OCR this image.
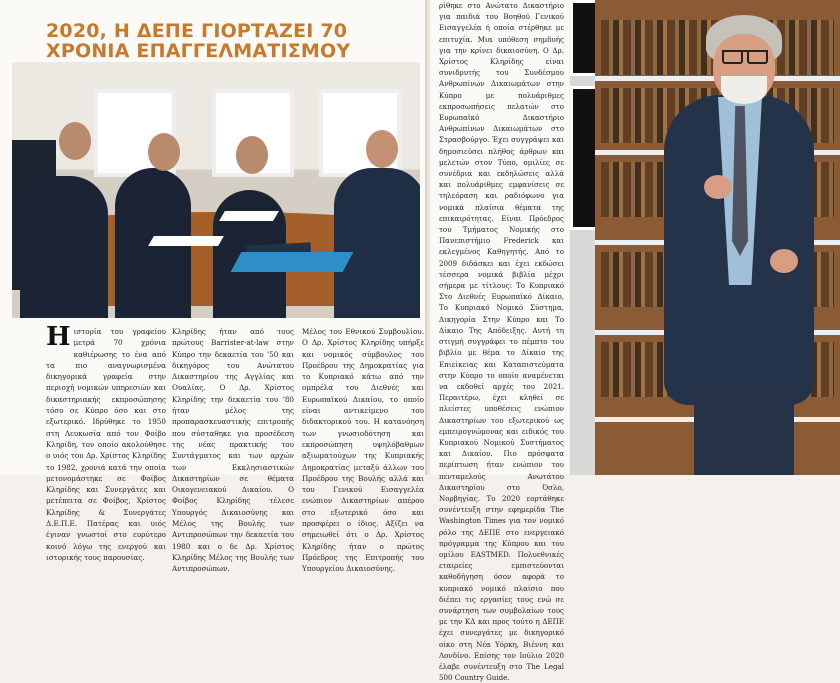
2020, Η ΔΕΠΕ ΓΙΟΡΤΑΖΕΙ 70 ΧΡΟΝΙΑ ΕΠΑΓΓΕΛΜΑΤΙΣΜΟΥ
Η ιστορία του γραφείου μετρά 70 χρόνια καθιέρωσης το ένα από τα πιο αναγνωρισμένα δικηγορικά γραφεία στην περιοχή νομικών υπηρεσιών και δικαστηριακής εκπροσώπησης τόσο σε Κύπρο όσο και στο εξωτερικό. Ιδρύθηκε το 1950 στη Λευκωσία από τον Φοίβο Κληρίδη, τον οποίο ακολούθησε ο υιός του Δρ. Χρίστος Κληρίδης το 1982, χρονιά κατά την οποία μετονομάστηκε σε Φοίβος Κληρίδης και Συνεργάτες και μετέπειτα σε Φοίβος, Χρίστος Κληρίδης & Συνεργάτες Δ.Ε.Π.Ε. Πατέρας και υιός έγιναν γνωστοί στο ευρύτερο κοινό λόγω της ενεργού και ιστορικής τους παρουσίας.
Κληρίδης ήταν από τους πρώτους Barrister-at-law στην Κύπρο την δεκαετία του '50 και δικηγόρος του Ανώτατου Δικαστηρίου της Αγγλίας και Ουαλίας. Ο Δρ. Χρίστος Κληρίδης την δεκαετία του '80 ήταν μέλος της προπαρασκευαστικής επιτροπής που σύσταθηκε για προσέδεση της νέας πρακτικής του Συντάγματος και των αρχών των Εκκλησιαστικών Δικαστηρίων σε θέματα Οικογενειακού Δικαίου. Ο Φοίβος Κληρίδης τέλεσε Υπουργός Δικαιοσύνης και Μέλος της Βουλής των Αντιπροσώπων την δεκαετία του 1980 και ο δε Δρ. Χρίστος Κληρίδης Μέλος της Βουλής των Αντιπροσώπων.
Μέλος του Εθνικού Συμβουλίου. Ο Δρ. Χρίστος Κληρίδης υπήρξε και νομικός σύμβουλος του Προέδρου της Δημοκρατίας για το Κυπριακό κάτω από την ομπρέλα του Διεθνές και Ευρωπαϊκού Δικαίου, το οποίο είναι αντικείμενο του διδακτορικού του. Η κατανόηση των γνωσιοδότηση και εκπροσώπηση υψηλόβαθμων αξιωματούχων της Κυπριακής Δημοκρατίας μεταξύ άλλων του Προέδρου της Βουλής αλλά και του Γενικού Εισαγγελέα ενώπιον Δικαστηρίων απέρου στο εξωτερικό όσο και προσφέρει ο ίδιος. Αξίζει να σημειωθεί ότι ο Δρ. Χρίστος Κληρίδης ήταν ο πρώτος Πρόεδρος της Επιτροπής του Υπουργείου Δικαιοσύνης.
ρίθηκε στο Ανώτατο Δικαστήριο για παιδιά του Βοηθού Γενικού Εισαγγελέα ή οποία στέρθηκε με επιτυχία. Μια υπόθεση σημδυής για την κρίνει δικαιοσύνη. Ο Δρ. Χρίστος Κληρίδης είναι συνιδρυτής του Συνδέσμου Ανθρωπίνων Δικαιωμάτων στην Κύπρο με πολυάριθμες εκπροσωπήσεις πελατών στο Ευρωπαϊκό Δικαστήριο Ανθρωπίνων Δικαιωμάτων στο Στρασβούργο. Έχει συγγράψει και δημοσιεύσει πλήθος άρθρων και μελετών στον Τύπο, ομιλίες σε συνέδρια και εκδηλώσεις αλλά και πολυάριθμες εμφανίσεις σε τηλεόραση και ραδιόφωνο για νομικά πλαίσια θέματα της επικαιρότητας. Είναι Πρόεδρος του Τμήματος Νομικής στο Πανεπιστήμιο Frederick και εκλεγμένος Καθηγητής. Από το 2009 διδάσκει και έχει εκδώσει τέσσερα νομικά βιβλία μέχρι σήμερα με τίτλους: Το Κυπριακό Στο Διεθνές Ευρωπαϊκό Δίκαιο, Το Κυπριακό Νομικό Σύστημα, Δικηγορία Στην Κύπρο και Το Δίκαιο Της Απόδειξης. Αυτή τη στιγμή συγγράφει το πέμπτο του βιβλίο με θέμα το Δίκαιο της Επιείκειας και Καταπιστεύματα στην Κύπρο το οποίο αναμένεται να εκδοθεί αρχές του 2021. Περαιτέρω, έχει κληθεί σε πλείστες υποθέσεις ενώπιον Δικαστηρίων του εξωτερικού ως εμπειρογνώμονας και ειδικός του Κυπριακού Νομικού Συστήματος και Δικαίου. Πιο πρόσφατα περίπτωση ήταν ενώπιον του πενταμελούς Ανωτάτου Δικαστηρίου στο Όσλο, Νορβηγίας. Το 2020 εορτάθηκε συνέντευξη στην εφημερίδα The Washington Times για τον νομικό ρόλο της ΔΕΠΕ στο ενεργειακό πρόγραμμα της Κύπρου και του ομίλου EASTMED. Πολυεθνικές εταιρείες εμπιστεύονται καθοδήγηση όσον αφορά το κυπριακό νομικό πλαίσιο που διέπει τις εργασίες τους ενώ σε συνάρτηση των συμβολαίων τους με την ΚΔ και προς τούτο η ΔΕΠΕ έχει συνεργάτες με δικηγορικό οίκο στη Νέα Υόρκη, Βιέννη και Λονδίνο. Επίσης τον Ιούλιο 2020 έλαβε συνέντευξη στο The Legal 500 Country Guide.
